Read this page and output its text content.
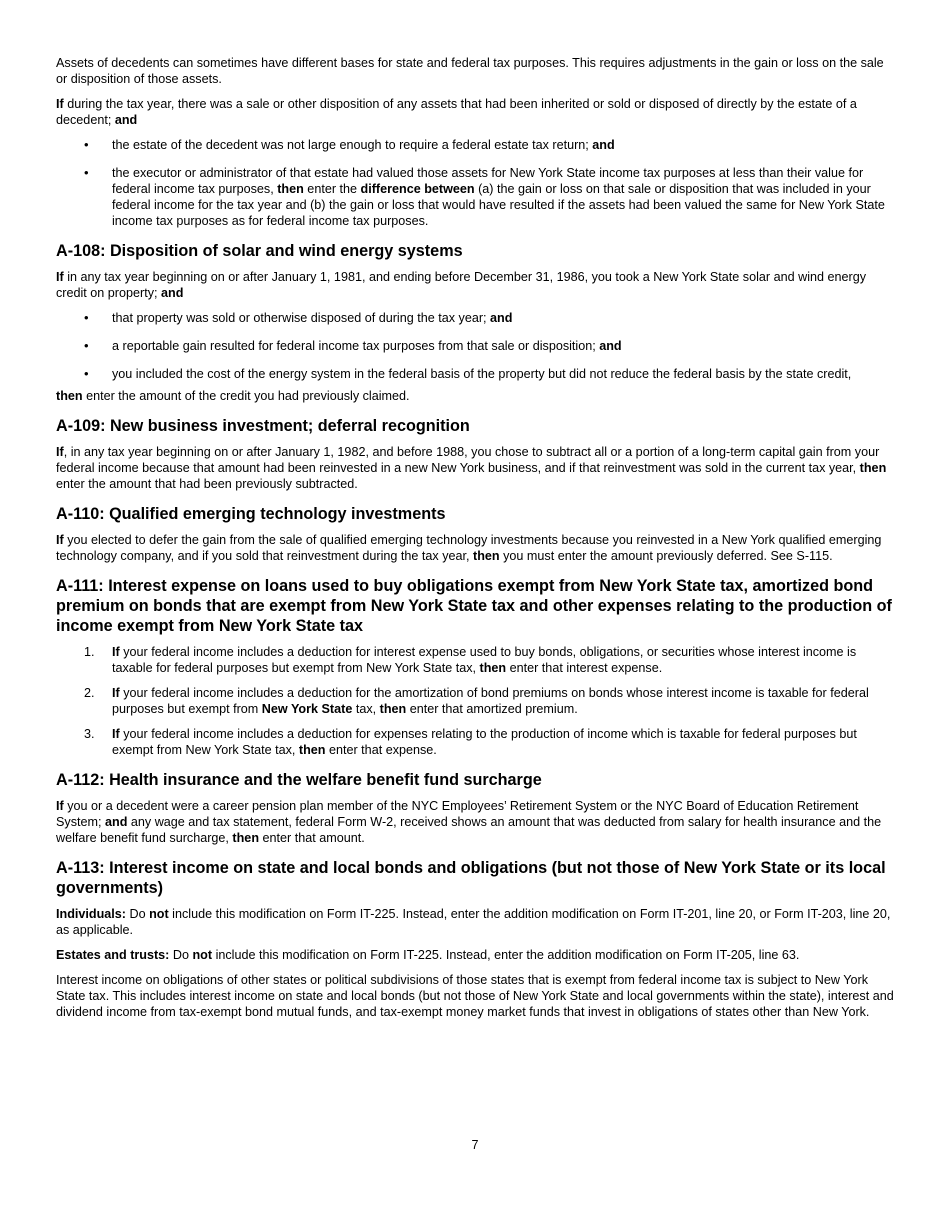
Assets of decedents can sometimes have different bases for state and federal tax purposes. This requires adjustments in the gain or loss on the sale or disposition of those assets.

If during the tax year, there was a sale or other disposition of any assets that had been inherited or sold or disposed of directly by the estate of a decedent; and

•	the estate of the decedent was not large enough to require a federal estate tax return; and
•	the executor or administrator of that estate had valued those assets for New York State income tax purposes at less than their value for federal income tax purposes, then enter the difference between (a) the gain or loss on that sale or disposition that was included in your federal income for the tax year and (b) the gain or loss that would have resulted if the assets had been valued the same for New York State income tax purposes as for federal income tax purposes.
A-108: Disposition of solar and wind energy systems

If in any tax year beginning on or after January 1, 1981, and ending before December 31, 1986, you took a New York State solar and wind energy credit on property; and

•	that property was sold or otherwise disposed of during the tax year; and
•	a reportable gain resulted for federal income tax purposes from that sale or disposition; and
•	you included the cost of the energy system in the federal basis of the property but did not reduce the federal basis by the state credit,

then enter the amount of the credit you had previously claimed.

A-109: New business investment; deferral recognition

If, in any tax year beginning on or after January 1, 1982, and before 1988, you chose to subtract all or a portion of a long-term capital gain from your federal income because that amount had been reinvested in a new New York business, and if that reinvestment was sold in the current tax year, then enter the amount that had been previously subtracted.

A-110: Qualified emerging technology investments

If you elected to defer the gain from the sale of qualified emerging technology investments because you reinvested in a New York qualified emerging technology company, and if you sold that reinvestment during the tax year, then you must enter the amount previously deferred. See S-115.

A-111: Interest expense on loans used to buy obligations exempt from New York State tax, amortized bond premium on bonds that are exempt from New York State tax and other expenses relating to the production of income exempt from New York State tax
1.	If your federal income includes a deduction for interest expense used to buy bonds, obligations, or securities whose interest income is taxable for federal purposes but exempt from New York State tax, then enter that interest expense.
2.	If your federal income includes a deduction for the amortization of bond premiums on bonds whose interest income is taxable for federal purposes but exempt from New York State tax, then enter that amortized premium.
3.	If your federal income includes a deduction for expenses relating to the production of income which is taxable for federal purposes but exempt from New York State tax, then enter that expense.
A-112: Health insurance and the welfare benefit fund surcharge

If you or a decedent were a career pension plan member of the NYC Employees’ Retirement System or the NYC Board of Education Retirement System; and any wage and tax statement, federal Form W-2, received shows an amount that was deducted from salary for health insurance and the welfare benefit fund surcharge, then enter that amount.

A-113: Interest income on state and local bonds and obligations (but not those of New York State or its local governments)

Individuals: Do not include this modification on Form IT-225. Instead, enter the addition modification on Form IT-201, line 20, or Form IT-203, line 20, as applicable.

Estates and trusts: Do not include this modification on Form IT-225. Instead, enter the addition modification on Form IT-205, line 63.

Interest income on obligations of other states or political subdivisions of those states that is exempt from federal income tax is subject to New York State tax. This includes interest income on state and local bonds (but not those of New York State and local governments within the state), interest and dividend income from tax-exempt bond mutual funds, and tax-exempt money market funds that invest in obligations of states other than New York.

7
